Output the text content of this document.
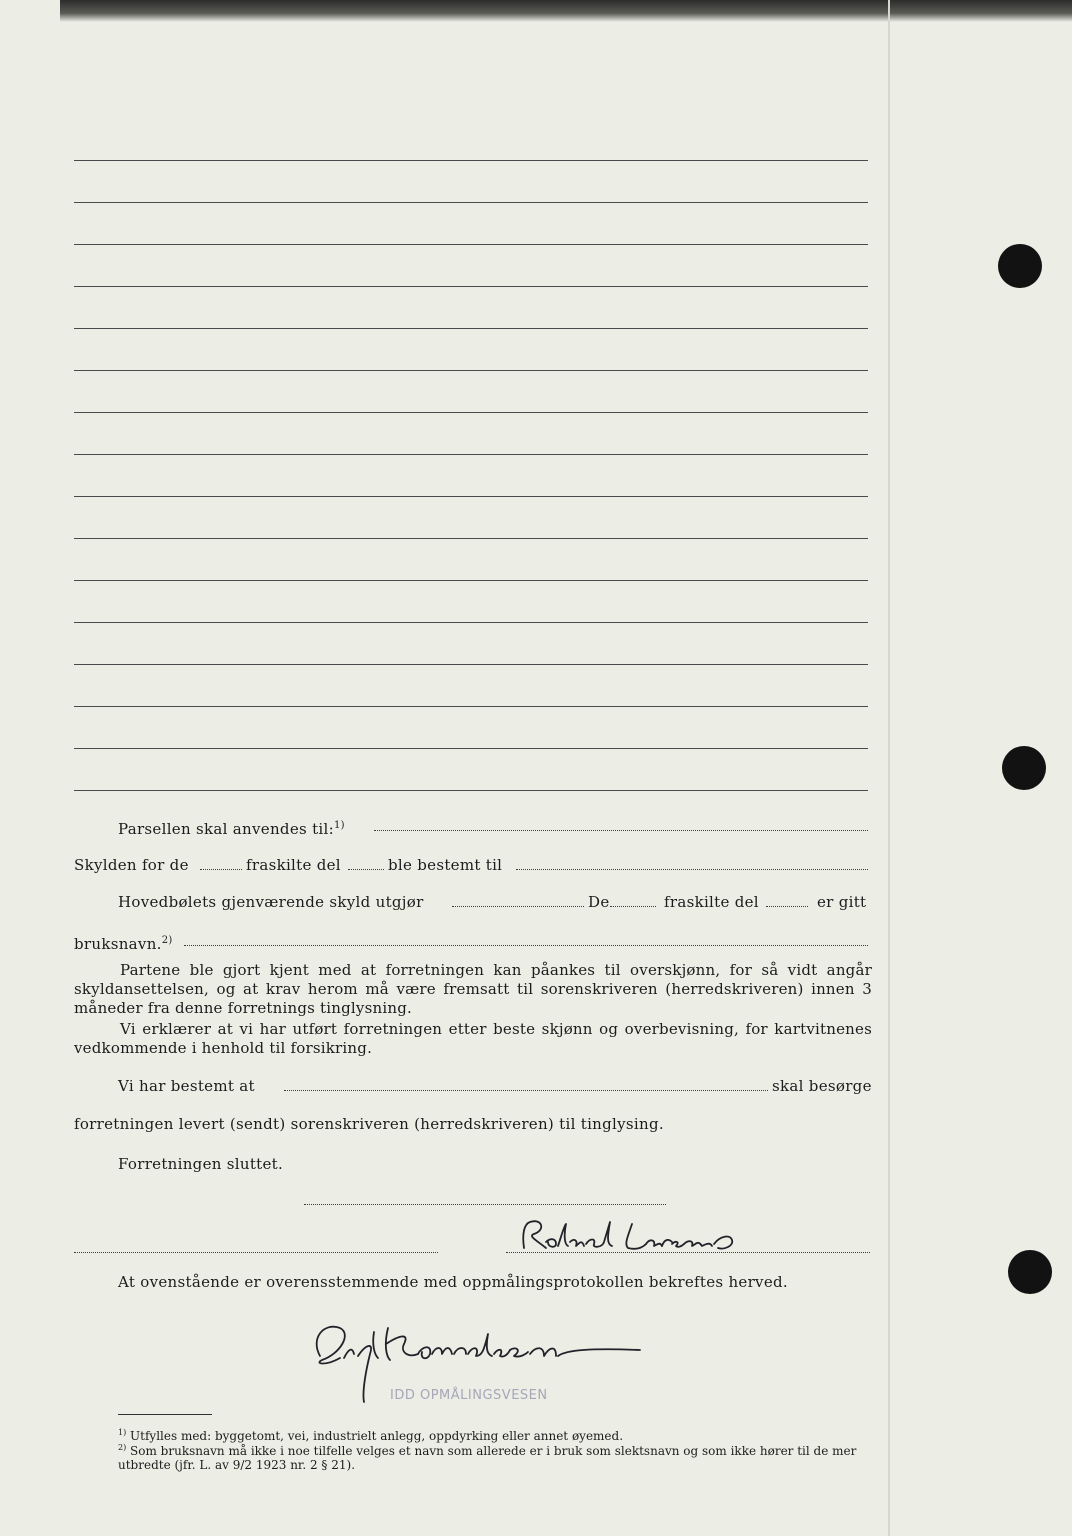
Parsellen skal anvendes til:$^{1)}$
Skylden for de	fraskilte del	ble bestemt til
Hovedbølets gjenværende skyld utgjør	De	fraskilte del	er gitt
bruksnavn.$^{2)}$

Partene ble gjort kjent med at forretningen kan påankes til overskjønn, for så vidt angår skyldansettelsen, og at krav herom må være fremsatt til sorenskriveren (herredskriveren) innen 3 måneder fra denne forretnings tinglysning.

Vi erklærer at vi har utført forretningen etter beste skjønn og overbevisning, for kartvitnenes vedkommende i henhold til forsikring.

Vi har bestemt at	skal besørge
forretningen levert (sendt) sorenskriveren (herredskriveren) til tinglysing.
Forretningen sluttet.
At ovenstående er overensstemmende med oppmålingsprotokollen bekreftes herved.
IDD OPMÅLINGSVESEN
$^{1)}$ Utfylles med: byggetomt, vei, industrielt anlegg, oppdyrking eller annet øyemed.
$^{2)}$ Som bruksnavn må ikke i noe tilfelle velges et navn som allerede er i bruk som slektsnavn og som ikke hører til de mer utbredte (jfr. L. av 9/2 1923 nr. 2 § 21).
